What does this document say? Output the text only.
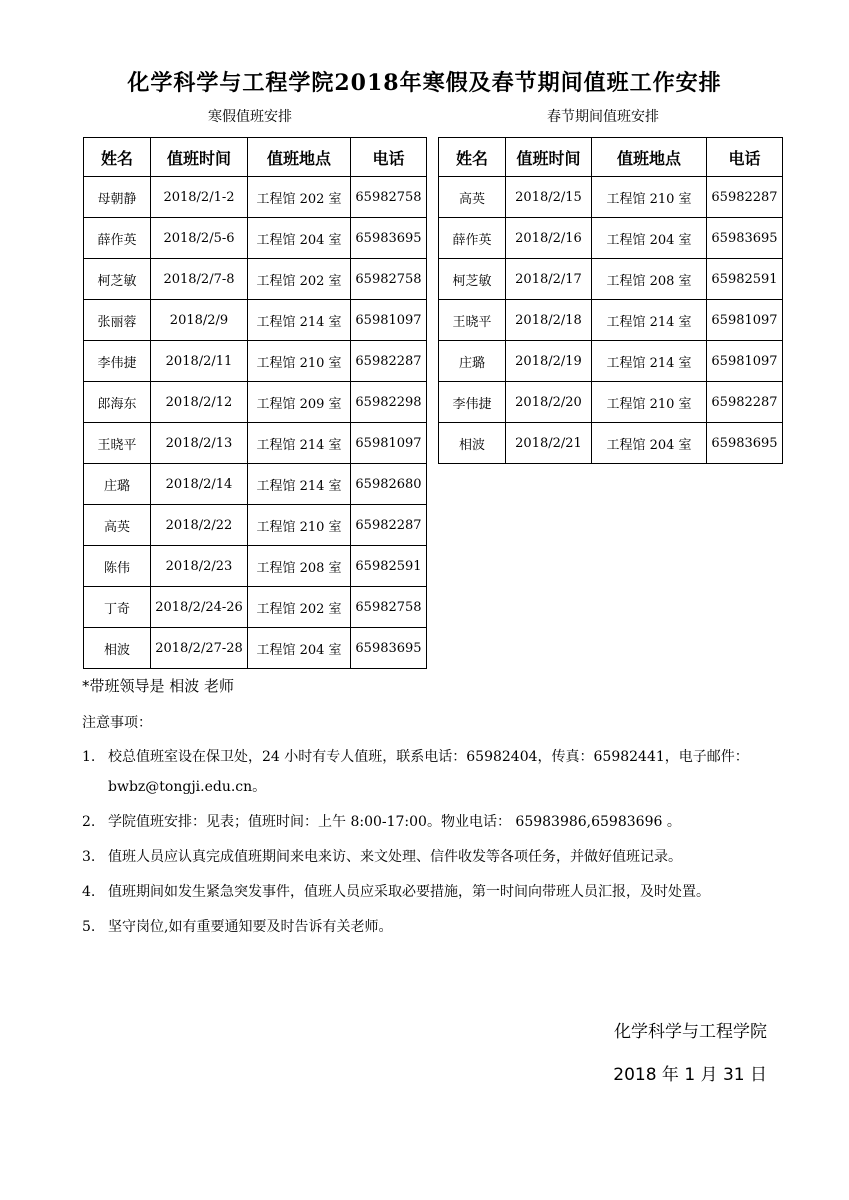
化学科学与工程学院2018年寒假及春节期间值班工作安排
寒假值班安排	春节期间值班安排
姓名	值班时间	值班地点	电话
母朝静	2018/2/1-2	工程馆 202 室	65982758
薛作英	2018/2/5-6	工程馆 204 室	65983695
柯芝敏	2018/2/7-8	工程馆 202 室	65982758
张丽蓉	2018/2/9	工程馆 214 室	65981097
李伟捷	2018/2/11	工程馆 210 室	65982287
郎海东	2018/2/12	工程馆 209 室	65982298
王晓平	2018/2/13	工程馆 214 室	65981097
庄璐	2018/2/14	工程馆 214 室	65982680
高英	2018/2/22	工程馆 210 室	65982287
陈伟	2018/2/23	工程馆 208 室	65982591
丁奇	2018/2/24-26	工程馆 202 室	65982758
相波	2018/2/27-28	工程馆 204 室	65983695
姓名	值班时间	值班地点	电话
高英	2018/2/15	工程馆 210 室	65982287
薛作英	2018/2/16	工程馆 204 室	65983695
柯芝敏	2018/2/17	工程馆 208 室	65982591
王晓平	2018/2/18	工程馆 214 室	65981097
庄璐	2018/2/19	工程馆 214 室	65981097
李伟捷	2018/2/20	工程馆 210 室	65982287
相波	2018/2/21	工程馆 204 室	65983695
*带班领导是 相波 老师
注意事项：
1. 校总值班室设在保卫处，24 小时有专人值班，联系电话：65982404，传真：65982441，电子邮件：bwbz@tongji.edu.cn。
2. 学院值班安排：见表；值班时间：上午 8:00-17:00。物业电话： 65983986,65983696 。
3. 值班人员应认真完成值班期间来电来访、来文处理、信件收发等各项任务，并做好值班记录。
4. 值班期间如发生紧急突发事件，值班人员应采取必要措施，第一时间向带班人员汇报，及时处置。
5. 坚守岗位,如有重要通知要及时告诉有关老师。
化学科学与工程学院
2018 年 1 月 31 日
